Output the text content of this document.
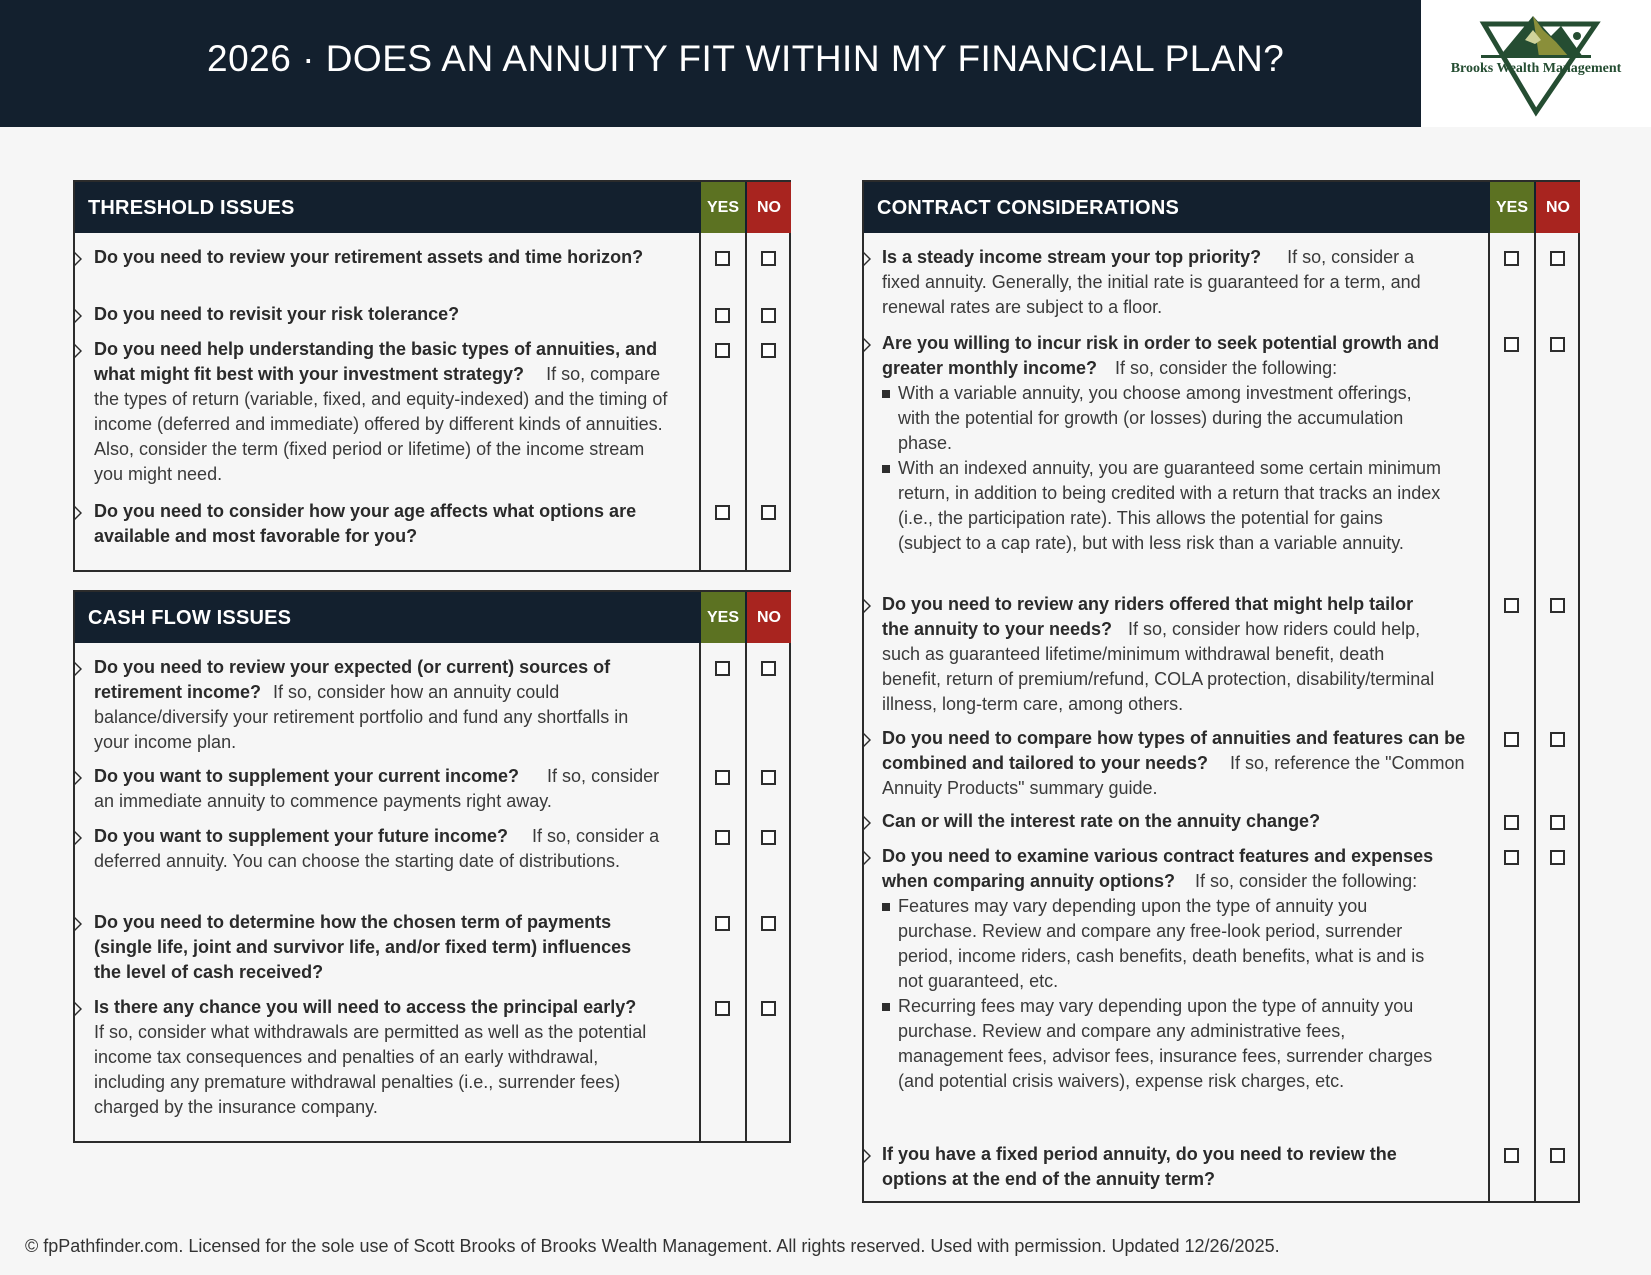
2026 · DOES AN ANNUITY FIT WITHIN MY FINANCIAL PLAN?	Brooks Wealth Management
THRESHOLD ISSUES	YES	NO
Do you need to review your retirement assets and time horizon?
Do you need to revisit your risk tolerance?
Do you need help understanding the basic types of annuities, and what might fit best with your investment strategy? If so, compare the types of return (variable, fixed, and equity-indexed) and the timing of income (deferred and immediate) offered by different kinds of annuities. Also, consider the term (fixed period or lifetime) of the income stream you might need.
Do you need to consider how your age affects what options are available and most favorable for you?
CASH FLOW ISSUES	YES	NO
Do you need to review your expected (or current) sources of retirement income? If so, consider how an annuity could balance/diversify your retirement portfolio and fund any shortfalls in your income plan.
Do you want to supplement your current income? If so, consider an immediate annuity to commence payments right away.
Do you want to supplement your future income? If so, consider a deferred annuity. You can choose the starting date of distributions.
Do you need to determine how the chosen term of payments (single life, joint and survivor life, and/or fixed term) influences the level of cash received?
Is there any chance you will need to access the principal early?
If so, consider what withdrawals are permitted as well as the potential income tax consequences and penalties of an early withdrawal, including any premature withdrawal penalties (i.e., surrender fees) charged by the insurance company.
CONTRACT CONSIDERATIONS	YES	NO
Is a steady income stream your top priority? If so, consider a fixed annuity. Generally, the initial rate is guaranteed for a term, and renewal rates are subject to a floor.
Are you willing to incur risk in order to seek potential growth and greater monthly income? If so, consider the following:
With a variable annuity, you choose among investment offerings, with the potential for growth (or losses) during the accumulation phase.
With an indexed annuity, you are guaranteed some certain minimum return, in addition to being credited with a return that tracks an index (i.e., the participation rate). This allows the potential for gains (subject to a cap rate), but with less risk than a variable annuity.
Do you need to review any riders offered that might help tailor the annuity to your needs? If so, consider how riders could help, such as guaranteed lifetime/minimum withdrawal benefit, death benefit, return of premium/refund, COLA protection, disability/terminal illness, long-term care, among others.
Do you need to compare how types of annuities and features can be combined and tailored to your needs? If so, reference the "Common Annuity Products" summary guide.
Can or will the interest rate on the annuity change?
Do you need to examine various contract features and expenses when comparing annuity options? If so, consider the following:
Features may vary depending upon the type of annuity you purchase. Review and compare any free-look period, surrender period, income riders, cash benefits, death benefits, what is and is not guaranteed, etc.
Recurring fees may vary depending upon the type of annuity you purchase. Review and compare any administrative fees, management fees, advisor fees, insurance fees, surrender charges (and potential crisis waivers), expense risk charges, etc.
If you have a fixed period annuity, do you need to review the options at the end of the annuity term?
© fpPathfinder.com. Licensed for the sole use of Scott Brooks of Brooks Wealth Management. All rights reserved. Used with permission. Updated 12/26/2025.
